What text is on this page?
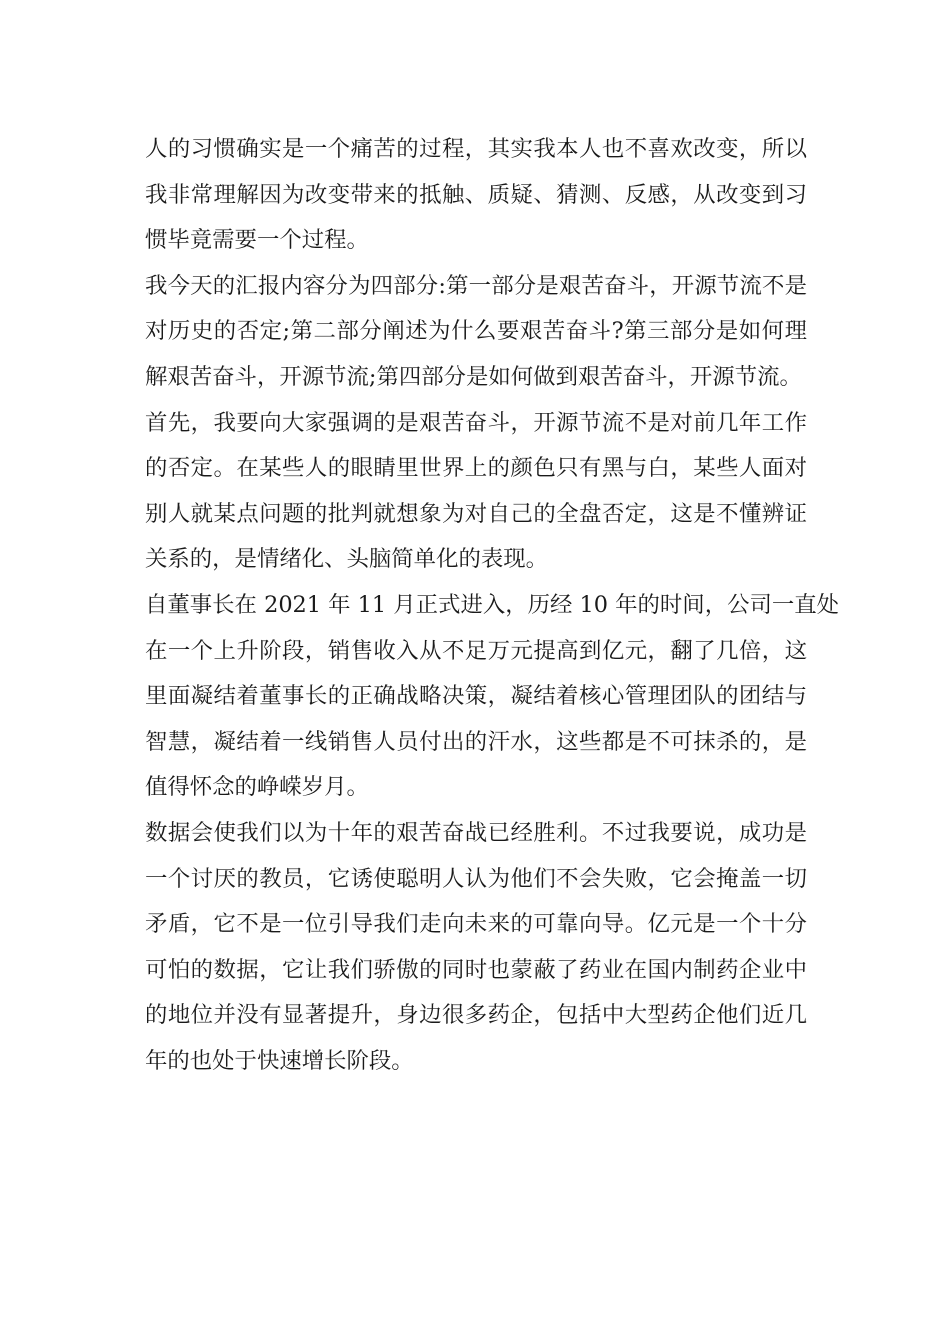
人的习惯确实是一个痛苦的过程，其实我本人也不喜欢改变，所以
我非常理解因为改变带来的抵触、质疑、猜测、反感，从改变到习
惯毕竟需要一个过程。

我今天的汇报内容分为四部分:第一部分是艰苦奋斗，开源节流不是
对历史的否定;第二部分阐述为什么要艰苦奋斗?第三部分是如何理
解艰苦奋斗，开源节流;第四部分是如何做到艰苦奋斗，开源节流。

首先，我要向大家强调的是艰苦奋斗，开源节流不是对前几年工作
的否定。在某些人的眼睛里世界上的颜色只有黑与白，某些人面对
别人就某点问题的批判就想象为对自己的全盘否定，这是不懂辨证
关系的，是情绪化、头脑简单化的表现。

自董事长在 2021 年 11 月正式进入，历经 10 年的时间，公司一直处
在一个上升阶段，销售收入从不足万元提高到亿元，翻了几倍，这
里面凝结着董事长的正确战略决策，凝结着核心管理团队的团结与
智慧，凝结着一线销售人员付出的汗水，这些都是不可抹杀的，是
值得怀念的峥嵘岁月。

数据会使我们以为十年的艰苦奋战已经胜利。不过我要说，成功是
一个讨厌的教员，它诱使聪明人认为他们不会失败，它会掩盖一切
矛盾，它不是一位引导我们走向未来的可靠向导。亿元是一个十分
可怕的数据，它让我们骄傲的同时也蒙蔽了药业在国内制药企业中
的地位并没有显著提升，身边很多药企，包括中大型药企他们近几
年的也处于快速增长阶段。
